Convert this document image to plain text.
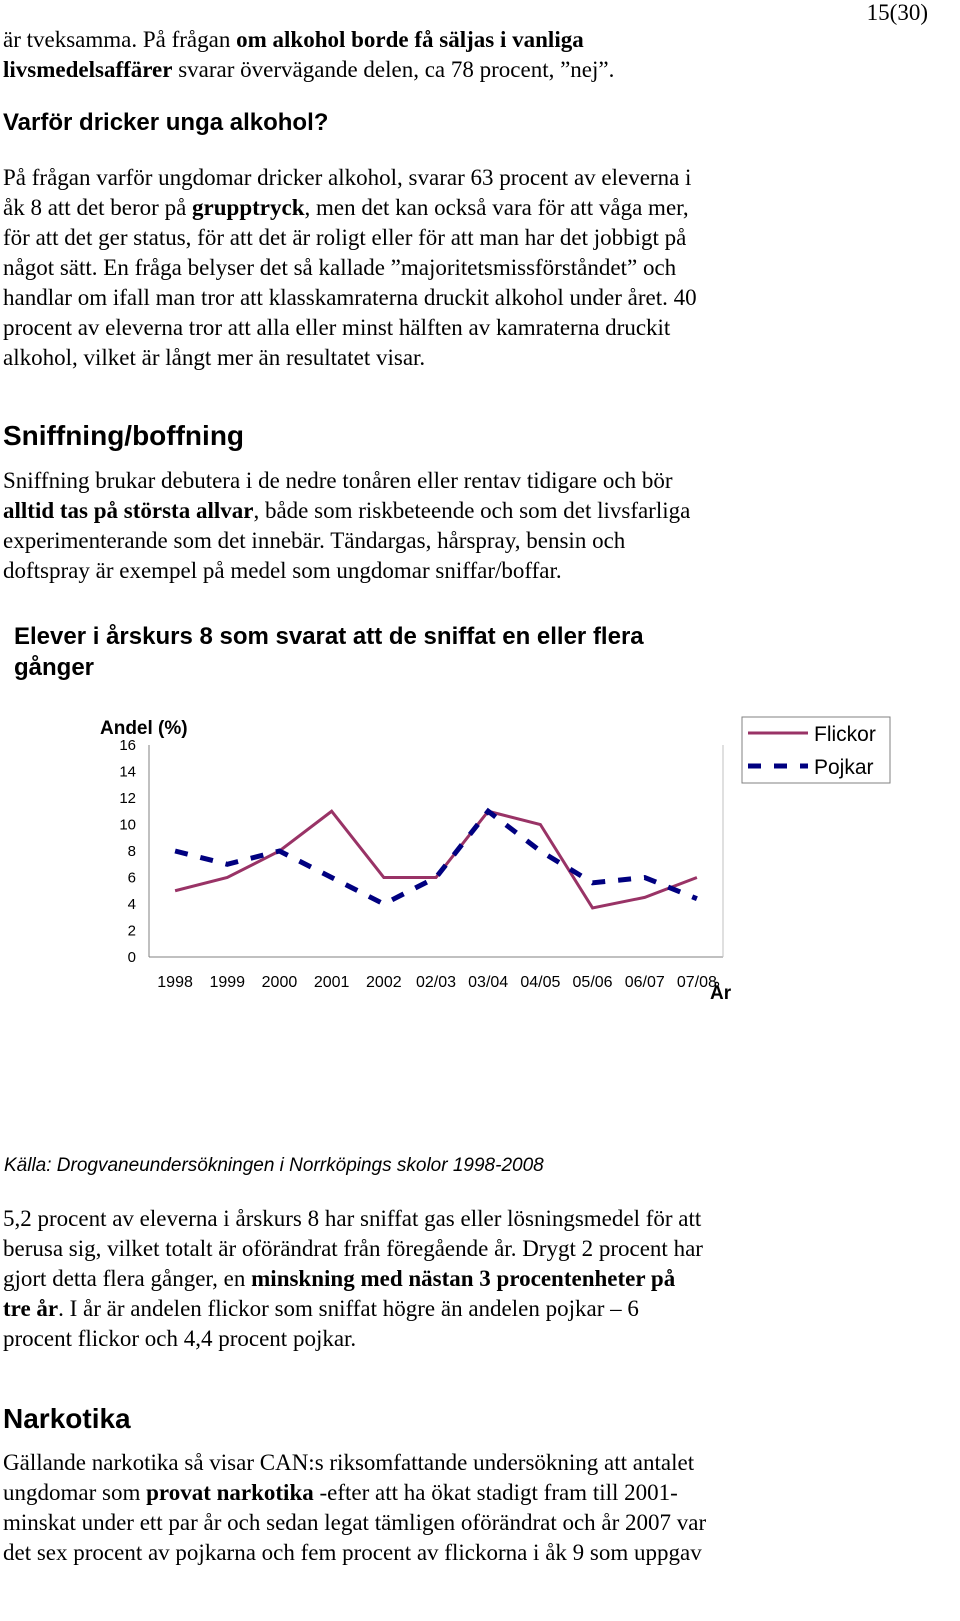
15(30)
är tveksamma. På frågan om alkohol borde få säljas i vanliga
livsmedelsaffärer svarar övervägande delen, ca 78 procent, ”nej”.
Varför dricker unga alkohol?
På frågan varför ungdomar dricker alkohol, svarar 63 procent av eleverna i
åk 8 att det beror på grupptryck, men det kan också vara för att våga mer,
för att det ger status, för att det är roligt eller för att man har det jobbigt på
något sätt. En fråga belyser det så kallade ”majoritetsmissförståndet” och
handlar om ifall man tror att klasskamraterna druckit alkohol under året. 40
procent av eleverna tror att alla eller minst hälften av kamraterna druckit
alkohol, vilket är långt mer än resultatet visar.
Sniffning/boffning
Sniffning brukar debutera i de nedre tonåren eller rentav tidigare och bör
alltid tas på största allvar, både som riskbeteende och som det livsfarliga
experimenterande som det innebär. Tändargas, hårspray, bensin och
doftspray är exempel på medel som ungdomar sniffar/boffar.
Elever i årskurs 8 som svarat att de sniffat en eller flera
gånger
0
2
4
6
8
10
12
14
16
Andel (%)
1998 1999 2000 2001 2002 02/03 03/04 04/05 05/06 06/07 07/08
År
Flickor
Pojkar
Källa: Drogvaneundersökningen i Norrköpings skolor 1998-2008
5,2 procent av eleverna i årskurs 8 har sniffat gas eller lösningsmedel för att
berusa sig, vilket totalt är oförändrat från föregående år. Drygt 2 procent har
gjort detta flera gånger, en minskning med nästan 3 procentenheter på
tre år. I år är andelen flickor som sniffat högre än andelen pojkar – 6
procent flickor och 4,4 procent pojkar.
Narkotika
Gällande narkotika så visar CAN:s riksomfattande undersökning att antalet
ungdomar som provat narkotika -efter att ha ökat stadigt fram till 2001-
minskat under ett par år och sedan legat tämligen oförändrat och år 2007 var
det sex procent av pojkarna och fem procent av flickorna i åk 9 som uppgav
